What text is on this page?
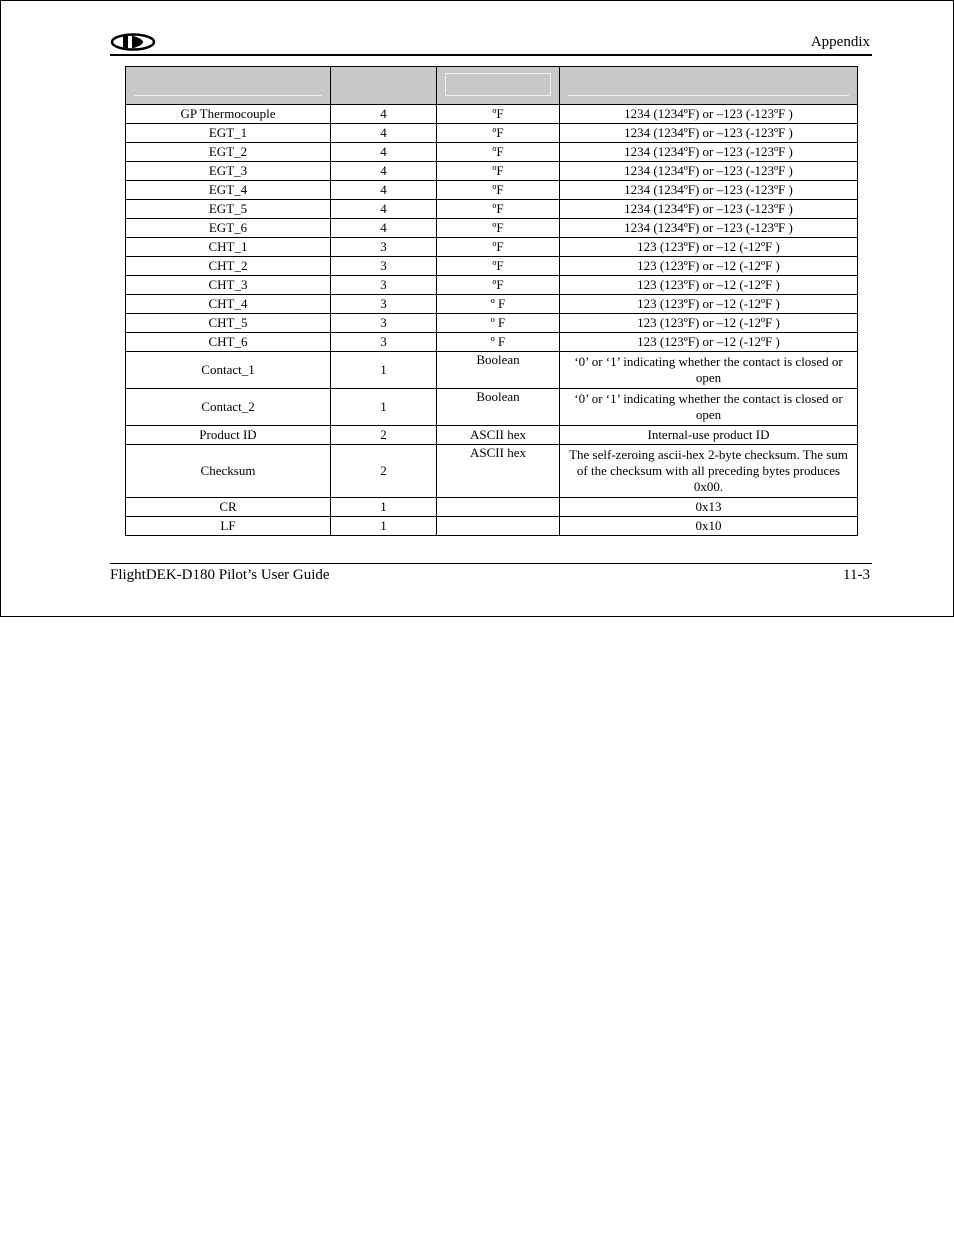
Appendix

GP Thermocouple	4	ºF	1234 (1234ºF) or –123 (-123ºF )
EGT_1	4	ºF	1234 (1234ºF) or –123 (-123ºF )
EGT_2	4	ºF	1234 (1234ºF) or –123 (-123ºF )
EGT_3	4	ºF	1234 (1234ºF) or –123 (-123ºF )
EGT_4	4	ºF	1234 (1234ºF) or –123 (-123ºF )
EGT_5	4	ºF	1234 (1234ºF) or –123 (-123ºF )
EGT_6	4	ºF	1234 (1234ºF) or –123 (-123ºF )
CHT_1	3	ºF	123 (123ºF) or –12 (-12ºF )
CHT_2	3	ºF	123 (123ºF) or –12 (-12ºF )
CHT_3	3	ºF	123 (123ºF) or –12 (-12ºF )
CHT_4	3	º F	123 (123ºF) or –12 (-12ºF )
CHT_5	3	º F	123 (123ºF) or –12 (-12ºF )
CHT_6	3	º F	123 (123ºF) or –12 (-12ºF )
Contact_1	1	Boolean	‘0’ or ‘1’ indicating whether the contact is closed or open
Contact_2	1	Boolean	‘0’ or ‘1’ indicating whether the contact is closed or open
Product ID	2	ASCII hex	Internal-use product ID
Checksum	2	ASCII hex	The self-zeroing ascii-hex 2-byte checksum. The sum of the checksum with all preceding bytes produces 0x00.
CR	1		0x13
LF	1		0x10
FlightDEK-D180 Pilot’s User Guide	11-3
